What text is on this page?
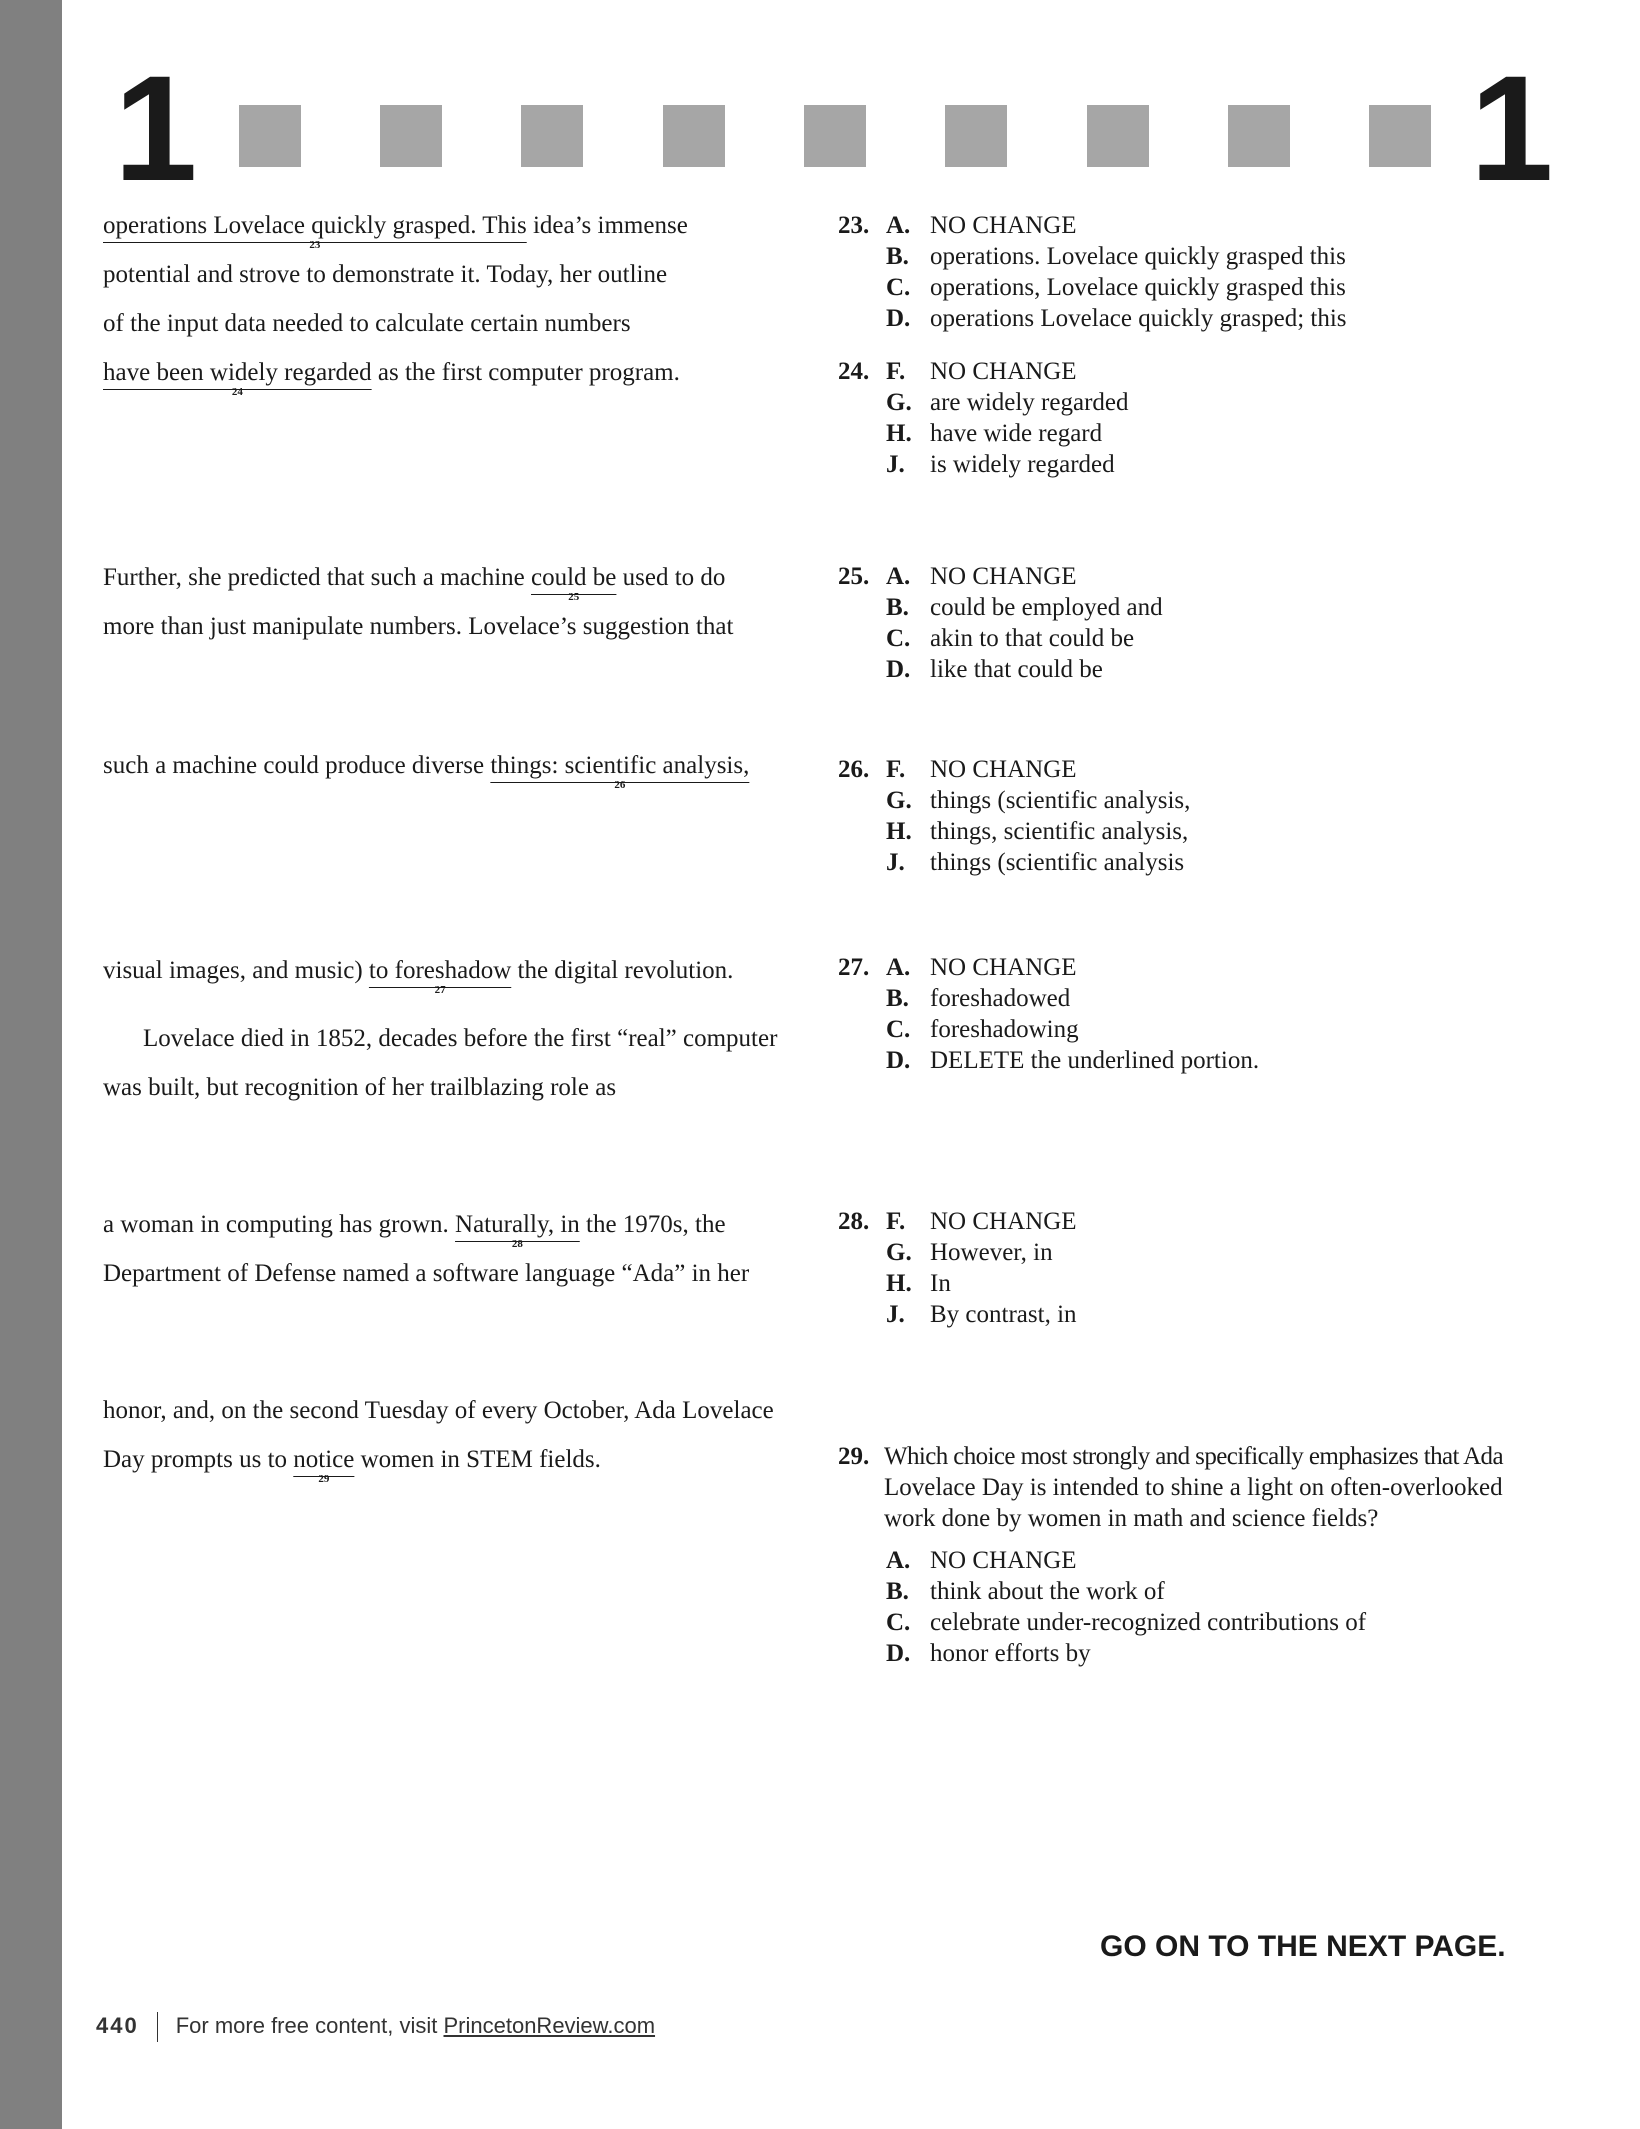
1	1
operations Lovelace quickly grasped. This
23
idea’s immense
potential and strove to demonstrate it. Today, her outline
of the input data needed to calculate certain numbers
have been widely regarded
24
as the first computer program.
Further, she predicted that such a machine could be
25
used to do
more than just manipulate numbers. Lovelace’s suggestion that
such a machine could produce diverse things: scientific analysis,
26
visual images, and music) to foreshadow
27
the digital revolution.
Lovelace died in 1852, decades before the first “real” computer
was built, but recognition of her trailblazing role as
a woman in computing has grown. Naturally, in
28
the 1970s, the
Department of Defense named a software language “Ada” in her
honor, and, on the second Tuesday of every October, Ada Lovelace
Day prompts us to notice
29
women in STEM fields.
23. A. NO CHANGE
B. operations. Lovelace quickly grasped this
C. operations, Lovelace quickly grasped this
D. operations Lovelace quickly grasped; this
24. F. NO CHANGE
G. are widely regarded
H. have wide regard
J.	is widely regarded
25. A. NO CHANGE
B. could be employed and
C. akin to that could be
D. like that could be
26. F. NO CHANGE
G. things (scientific analysis,
H. things, scientific analysis,
J.	things (scientific analysis
27. A. NO CHANGE
B. foreshadowed
C. foreshadowing
D. DELETE the underlined portion.
28. F. NO CHANGE
G. However, in
H. In
J.	By contrast, in
29. Which choice most strongly and specifically emphasizes that Ada
Lovelace Day is intended to shine a light on often-overlooked
work done by women in math and science fields?
A. NO CHANGE
B. think about the work of
C. celebrate under-recognized contributions of
D. honor efforts by
GO ON TO THE NEXT PAGE.
440 For more free content, visit PrincetonReview.com
